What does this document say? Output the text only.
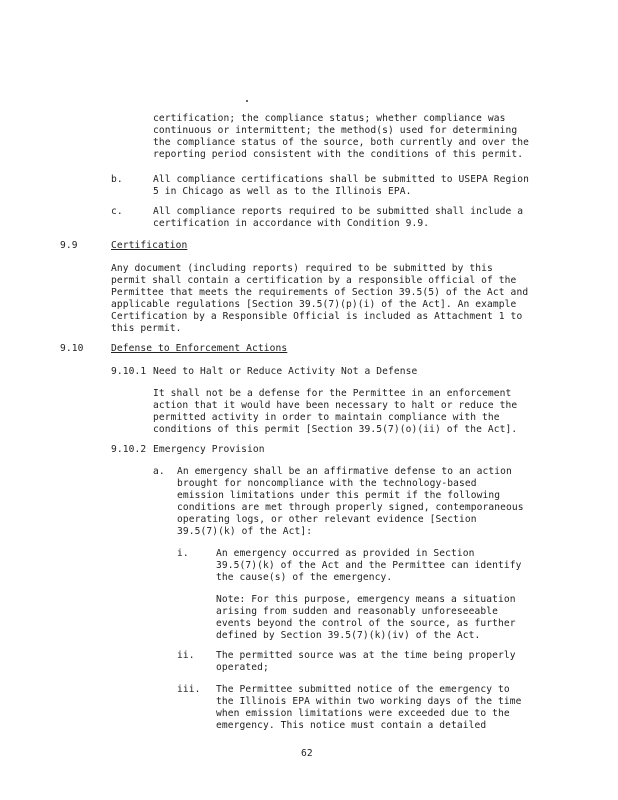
certification; the compliance status; whether compliance was
continuous or intermittent; the method(s) used for determining
the compliance status of the source, both currently and over the
reporting period consistent with the conditions of this permit.
b.	All compliance certifications shall be submitted to USEPA Region
5 in Chicago as well as to the Illinois EPA.
c.	All compliance reports required to be submitted shall include a
certification in accordance with Condition 9.9.
9.9	Certification
Any document (including reports) required to be submitted by this
permit shall contain a certification by a responsible official of the
Permittee that meets the requirements of Section 39.5(5) of the Act and
applicable regulations [Section 39.5(7)(p)(i) of the Act]. An example
Certification by a Responsible Official is included as Attachment 1 to
this permit.
9.10	Defense to Enforcement Actions
9.10.1 Need to Halt or Reduce Activity Not a Defense
It shall not be a defense for the Permittee in an enforcement
action that it would have been necessary to halt or reduce the
permitted activity in order to maintain compliance with the
conditions of this permit [Section 39.5(7)(o)(ii) of the Act].
9.10.2 Emergency Provision
a. An emergency shall be an affirmative defense to an action
brought for noncompliance with the technology-based
emission limitations under this permit if the following
conditions are met through properly signed, contemporaneous
operating logs, or other relevant evidence [Section
39.5(7)(k) of the Act]:
i.	An emergency occurred as provided in Section
39.5(7)(k) of the Act and the Permittee can identify
the cause(s) of the emergency.
Note: For this purpose, emergency means a situation
arising from sudden and reasonably unforeseeable
events beyond the control of the source, as further
defined by Section 39.5(7)(k)(iv) of the Act.
ii. The permitted source was at the time being properly
operated;
iii. The Permittee submitted notice of the emergency to
the Illinois EPA within two working days of the time
when emission limitations were exceeded due to the
emergency. This notice must contain a detailed
62
